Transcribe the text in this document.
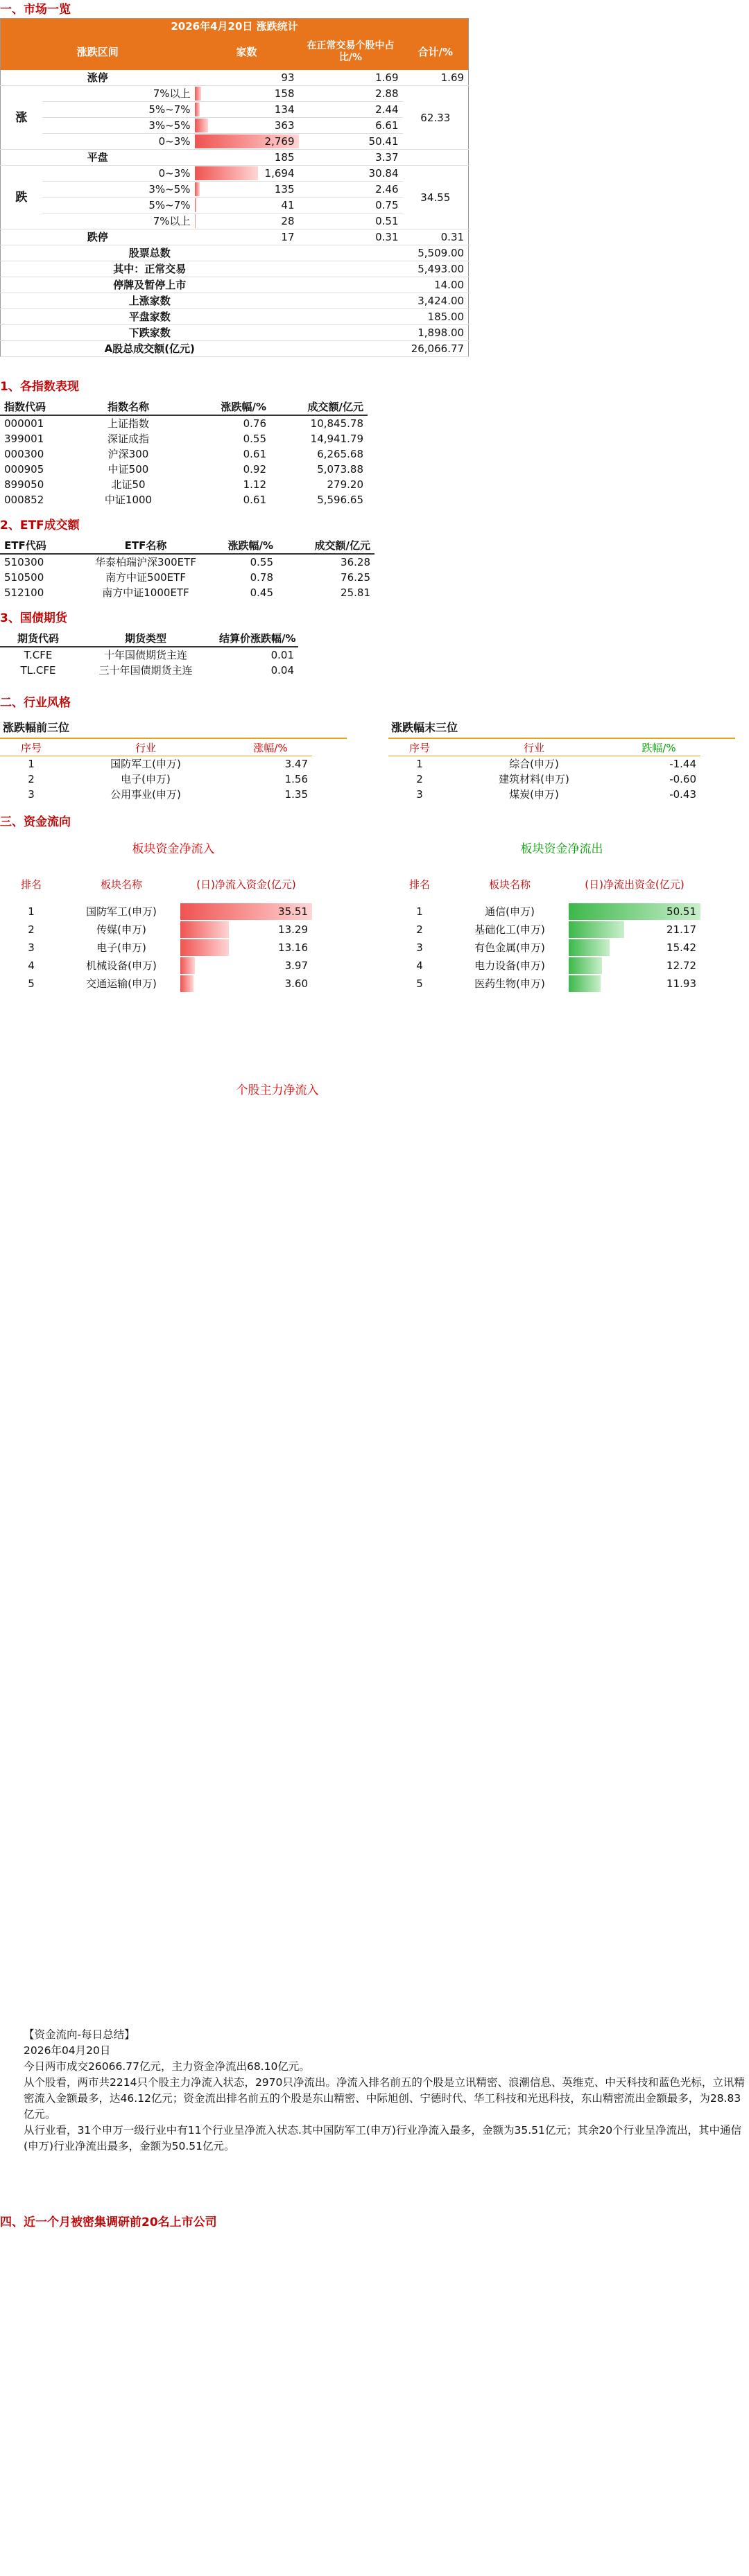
一、市场一览
2026年4月20日 涨跌统计				
涨跌区间		家数	在正常交易个股中占比/%	合计/%
涨停		93	1.69	1.69
涨	7%以上	158	2.88	62.33
	5%~7%	134	2.44	
	3%~5%	363	6.61	
	0~3%	2,769	50.41	
平盘		185	3.37	
跌	0~3%	1,694	30.84	34.55
	3%~5%	135	2.46	
	5%~7%	41	0.75	
	7%以上	28	0.51	
跌停		17	0.31	0.31
股票总数			5,509.00	
其中：正常交易			5,493.00	
停牌及暂停上市			14.00	
上涨家数			3,424.00	
平盘家数			185.00	
下跌家数			1,898.00	
A股总成交额(亿元)			26,066.77	
1、各指数表现
指数代码	指数名称	涨跌幅/%	成交额/亿元
000001	上证指数	0.76	10,845.78
399001	深证成指	0.55	14,941.79
000300	沪深300	0.61	6,265.68
000905	中证500	0.92	5,073.88
899050	北证50	1.12	279.20
000852	中证1000	0.61	5,596.65
2、ETF成交额
ETF代码	ETF名称	涨跌幅/%	成交额/亿元
510300	华泰柏瑞沪深300ETF	0.55	36.28
510500	南方中证500ETF	0.78	76.25
512100	南方中证1000ETF	0.45	25.81
3、国债期货
期货代码	期货类型	结算价涨跌幅/%
T.CFE	十年国债期货主连	0.01
TL.CFE	三十年国债期货主连	0.04
二、行业风格
涨跌幅前三位
序号	行业	涨幅/%
1	国防军工(申万)	3.47
2	电子(申万)	1.56
3	公用事业(申万)	1.35
涨跌幅末三位
序号	行业	跌幅/%
1	综合(申万)	-1.44
2	建筑材料(申万)	-0.60
3	煤炭(申万)	-0.43
三、资金流向
板块资金净流入
排名	板块名称	(日)净流入资金(亿元)
1	国防军工(申万)	35.51
2	传媒(申万)	13.29
3	电子(申万)	13.16
4	机械设备(申万)	3.97
5	交通运输(申万)	3.60
板块资金净流出
排名	板块名称	(日)净流出资金(亿元)
1	通信(申万)	50.51
2	基础化工(申万)	21.17
3	有色金属(申万)	15.42
4	电力设备(申万)	12.72
5	医药生物(申万)	11.93
个股主力净流入
【资金流向-每日总结】
2026年04月20日
今日两市成交26066.77亿元，主力资金净流出68.10亿元。
从个股看，两市共2214只个股主力净流入状态，2970只净流出。净流入排名前五的个股是立讯精密、浪潮信息、英维克、中天科技和蓝色光标，立讯精密流入金额最多，达46.12亿元；资金流出排名前五的个股是东山精密、中际旭创、宁德时代、华工科技和光迅科技，东山精密流出金额最多，为28.83亿元。
从行业看，31个申万一级行业中有11个行业呈净流入状态.其中国防军工(申万)行业净流入最多，金额为35.51亿元；其余20个行业呈净流出，其中通信(申万)行业净流出最多，金额为50.51亿元。
四、近一个月被密集调研前20名上市公司
